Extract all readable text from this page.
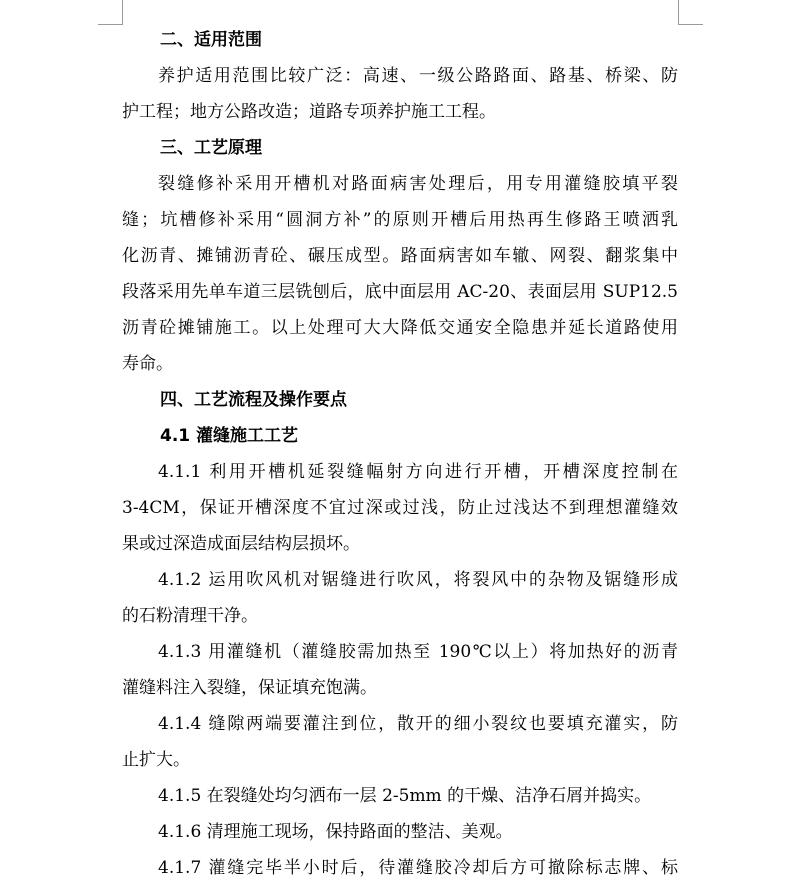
二、适用范围
养护适用范围比较广泛：高速、一级公路路面、路基、桥梁、防
护工程；地方公路改造；道路专项养护施工工程。
三、工艺原理
裂缝修补采用开槽机对路面病害处理后，用专用灌缝胶填平裂
缝；坑槽修补采用“圆洞方补”的原则开槽后用热再生修路王喷洒乳
化沥青、摊铺沥青砼、碾压成型。路面病害如车辙、网裂、翻浆集中
段落采用先单车道三层铣刨后，底中面层用 AC-20、表面层用 SUP12.5
沥青砼摊铺施工。以上处理可大大降低交通安全隐患并延长道路使用
寿命。
四、工艺流程及操作要点
4.1 灌缝施工工艺
4.1.1 利用开槽机延裂缝幅射方向进行开槽，开槽深度控制在
3-4CM，保证开槽深度不宜过深或过浅，防止过浅达不到理想灌缝效
果或过深造成面层结构层损坏。
4.1.2 运用吹风机对锯缝进行吹风，将裂风中的杂物及锯缝形成
的石粉清理干净。
4.1.3 用灌缝机（灌缝胶需加热至 190℃以上）将加热好的沥青
灌缝料注入裂缝，保证填充饱满。
4.1.4 缝隙两端要灌注到位，散开的细小裂纹也要填充灌实，防
止扩大。
4.1.5 在裂缝处均匀洒布一层 2-5mm 的干燥、洁净石屑并捣实。
4.1.6 清理施工现场，保持路面的整洁、美观。
4.1.7 灌缝完毕半小时后，待灌缝胶冷却后方可撤除标志牌、标
